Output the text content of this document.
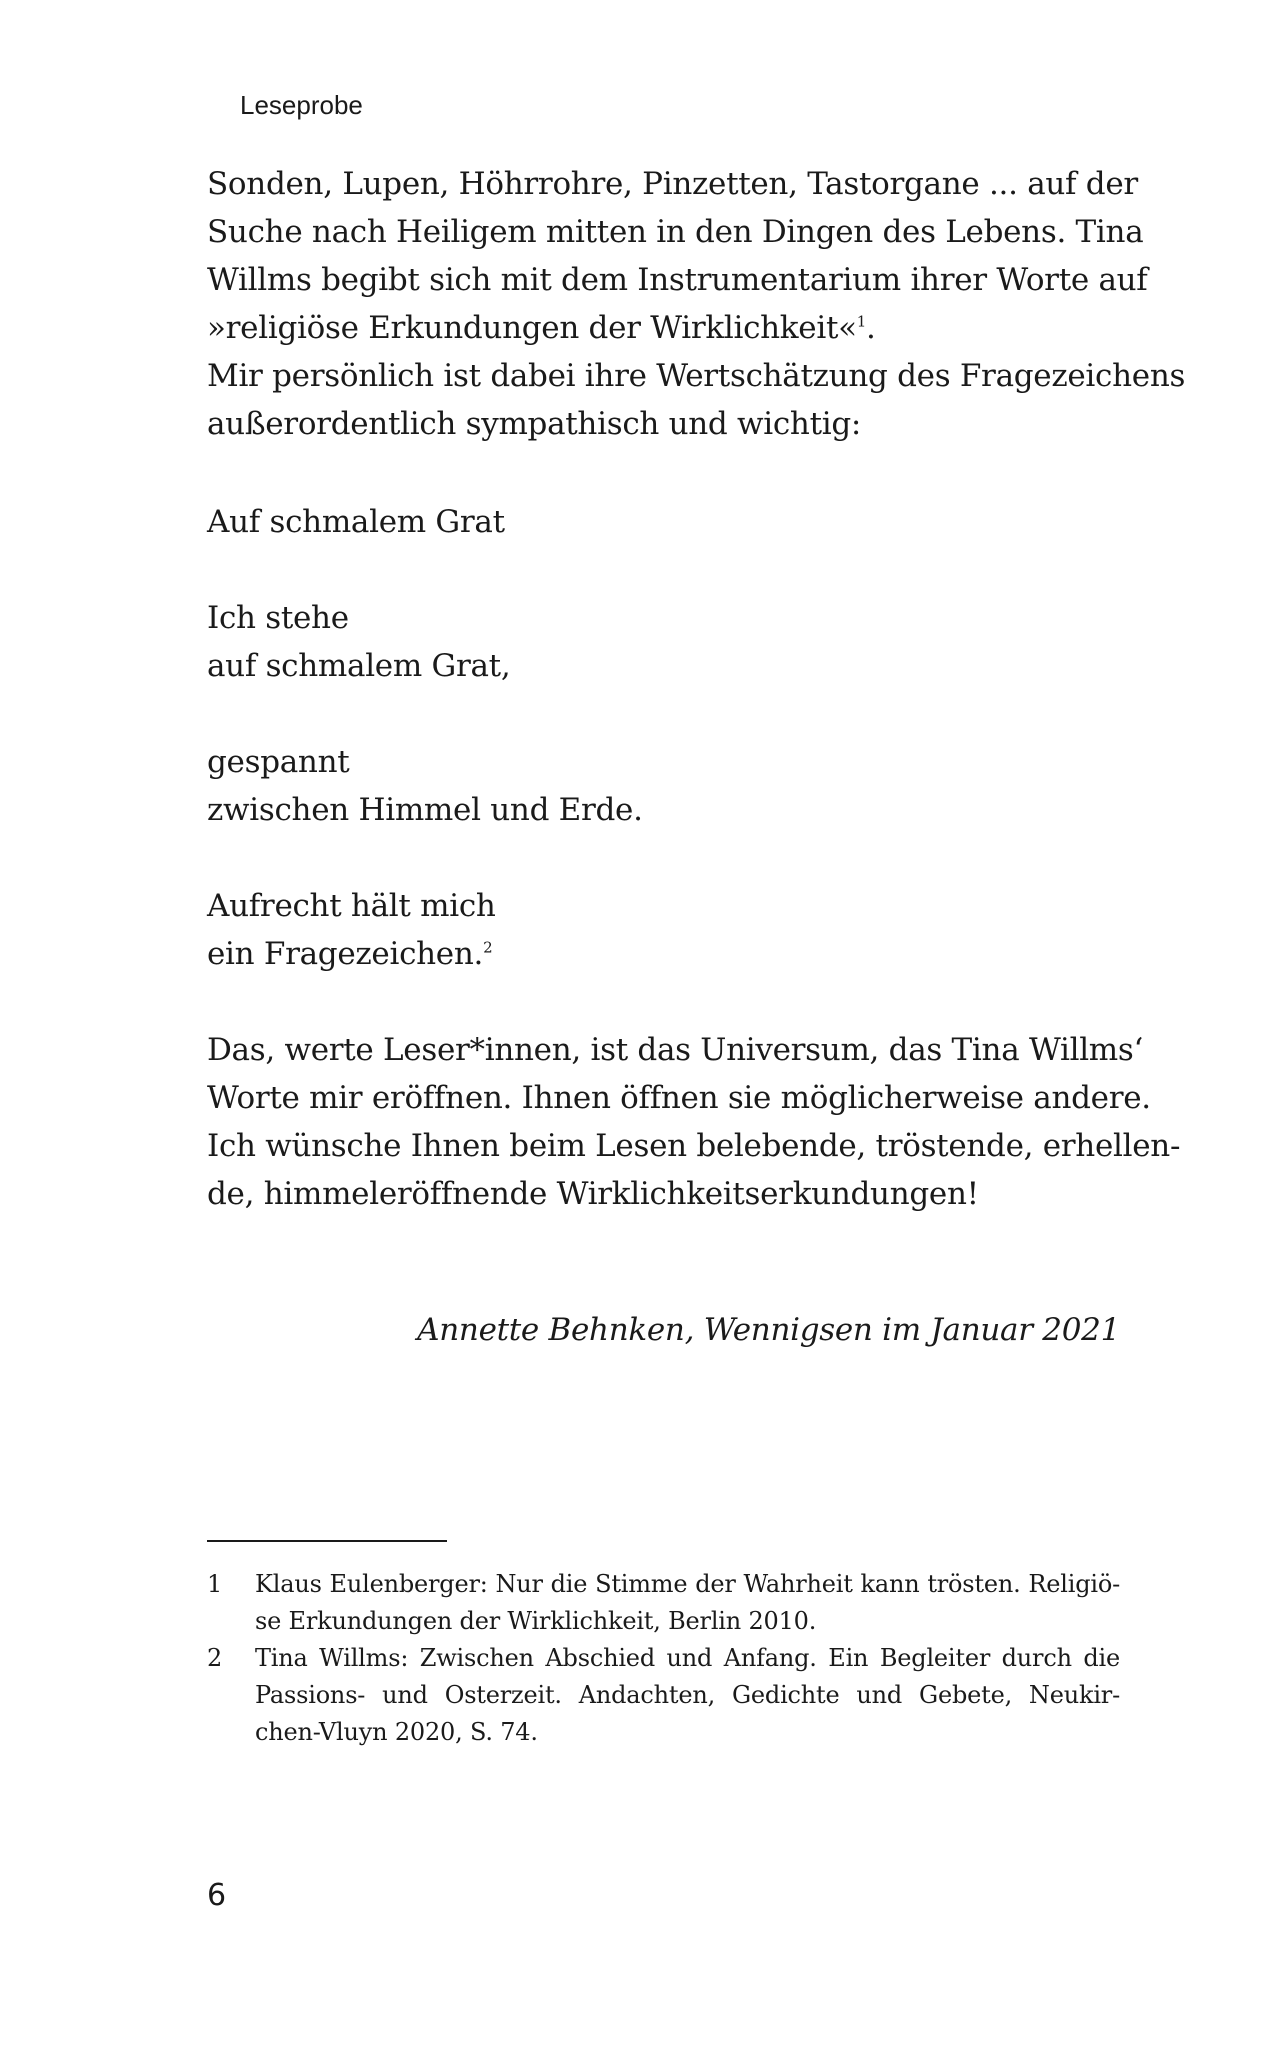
Leseprobe
Sonden, Lupen, Höhrrohre, Pinzetten, Tastorgane ... auf der
Suche nach Heiligem mitten in den Dingen des Lebens. Tina
Willms begibt sich mit dem Instrumentarium ihrer Worte auf
»religiöse Erkundungen der Wirklichkeit«$^1$.
Mir persönlich ist dabei ihre Wertschätzung des Fragezeichens
außerordentlich sympathisch und wichtig:
Auf schmalem Grat
Ich stehe
auf schmalem Grat,
gespannt
zwischen Himmel und Erde.
Aufrecht hält mich
ein Fragezeichen.$^2$
Das, werte Leser*innen, ist das Universum, das Tina Willms‘
Worte mir eröffnen. Ihnen öffnen sie möglicherweise andere.
Ich wünsche Ihnen beim Lesen belebende, tröstende, erhellen-
de, himmeleröffnende Wirklichkeitserkundungen!
Annette Behnken, Wennigsen im Januar 2021
1	Klaus Eulenberger: Nur die Stimme der Wahrheit kann trösten. Religiö-
se Erkundungen der Wirklichkeit, Berlin 2010.
2	Tina Willms: Zwischen Abschied und Anfang. Ein Begleiter durch die
Passions- und Osterzeit. Andachten, Gedichte und Gebete, Neukir-
chen-Vluyn 2020, S. 74.
6
